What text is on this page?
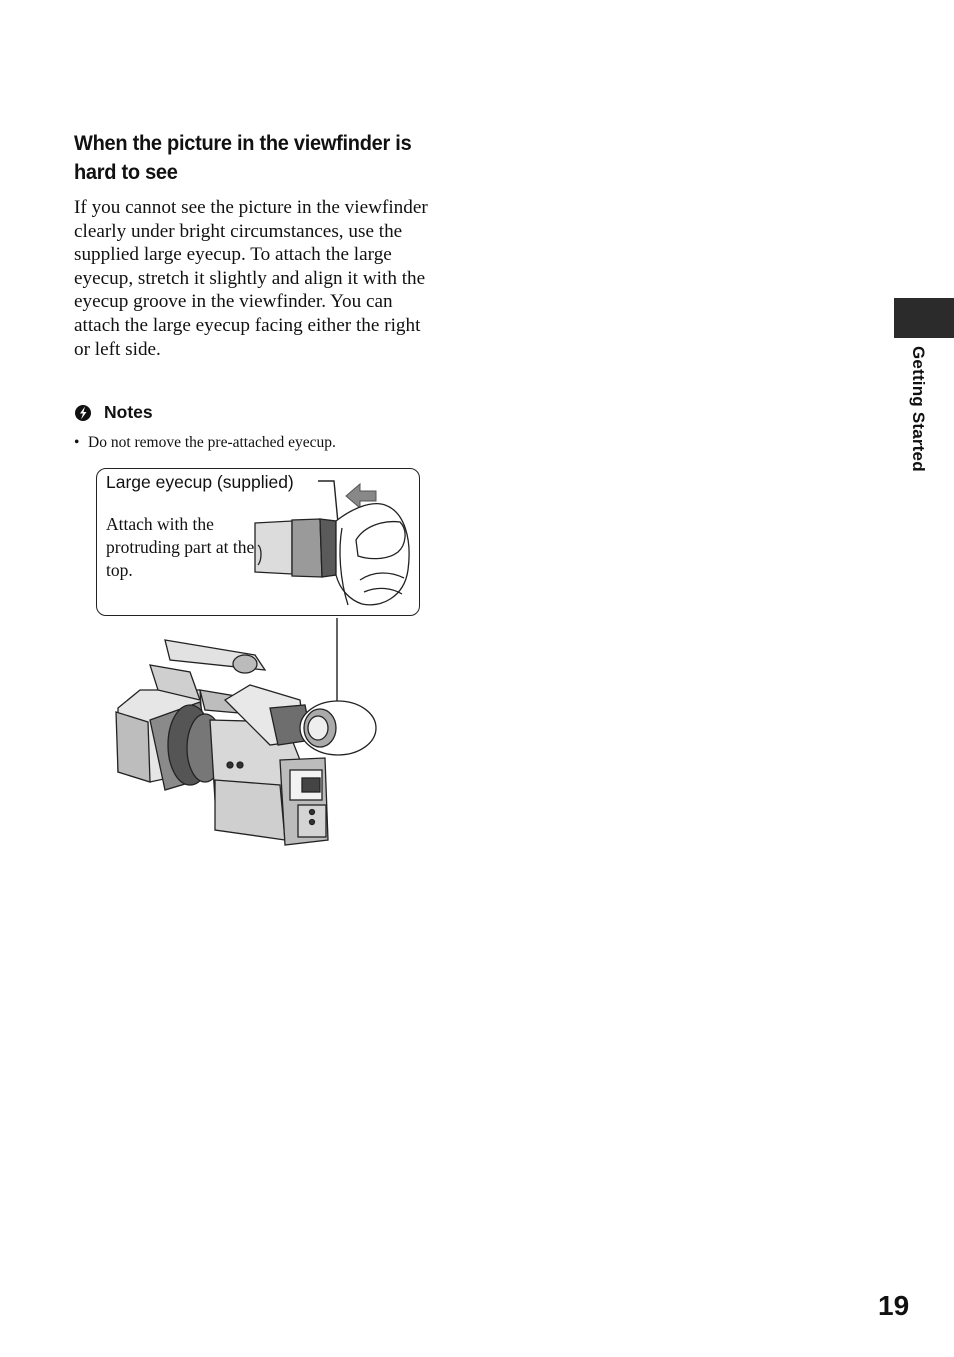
When the picture in the viewfinder is hard to see
If you cannot see the picture in the viewfinder clearly under bright circumstances, use the supplied large eyecup. To attach the large eyecup, stretch it slightly and align it with the eyecup groove in the viewfinder. You can attach the large eyecup facing either the right or left side.
Notes
• Do not remove the pre-attached eyecup.
Large eyecup (supplied)
Attach with the protruding part at the top.
Getting Started
19
